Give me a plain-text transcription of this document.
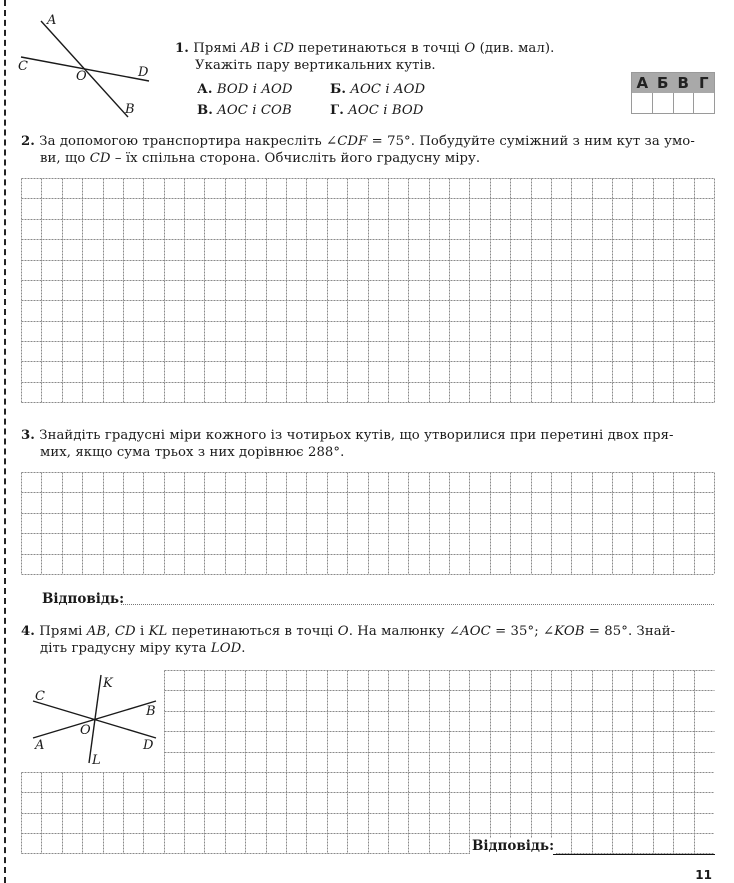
A
B
C	D
O
1. Прямі AB і CD перетинаються в точці O (див. мал).
Укажіть пару вертикальних кутів.
А. BOD і AOD	Б. AOC і AOD
В. AOC і COB	Г. AOC і BOD
А Б В Г
2. За допомогою транспортира накресліть ∠CDF = 75°. Побудуйте суміжний з ним кут за умо-
ви, що CD – їх спільна сторона. Обчисліть його градусну міру.
3. Знайдіть градусні міри кожного із чотирьох кутів, що утворилися при перетині двох пря-
мих, якщо сума трьох з них дорівнює 288°.
Відповідь:
4. Прямі AB, CD і KL перетинаються в точці O. На малюнку ∠AOC = 35°; ∠KOB = 85°. Знай-
діть градусну міру кута LOD.
K
C
B
O
A	D
L
Відповідь:
11
